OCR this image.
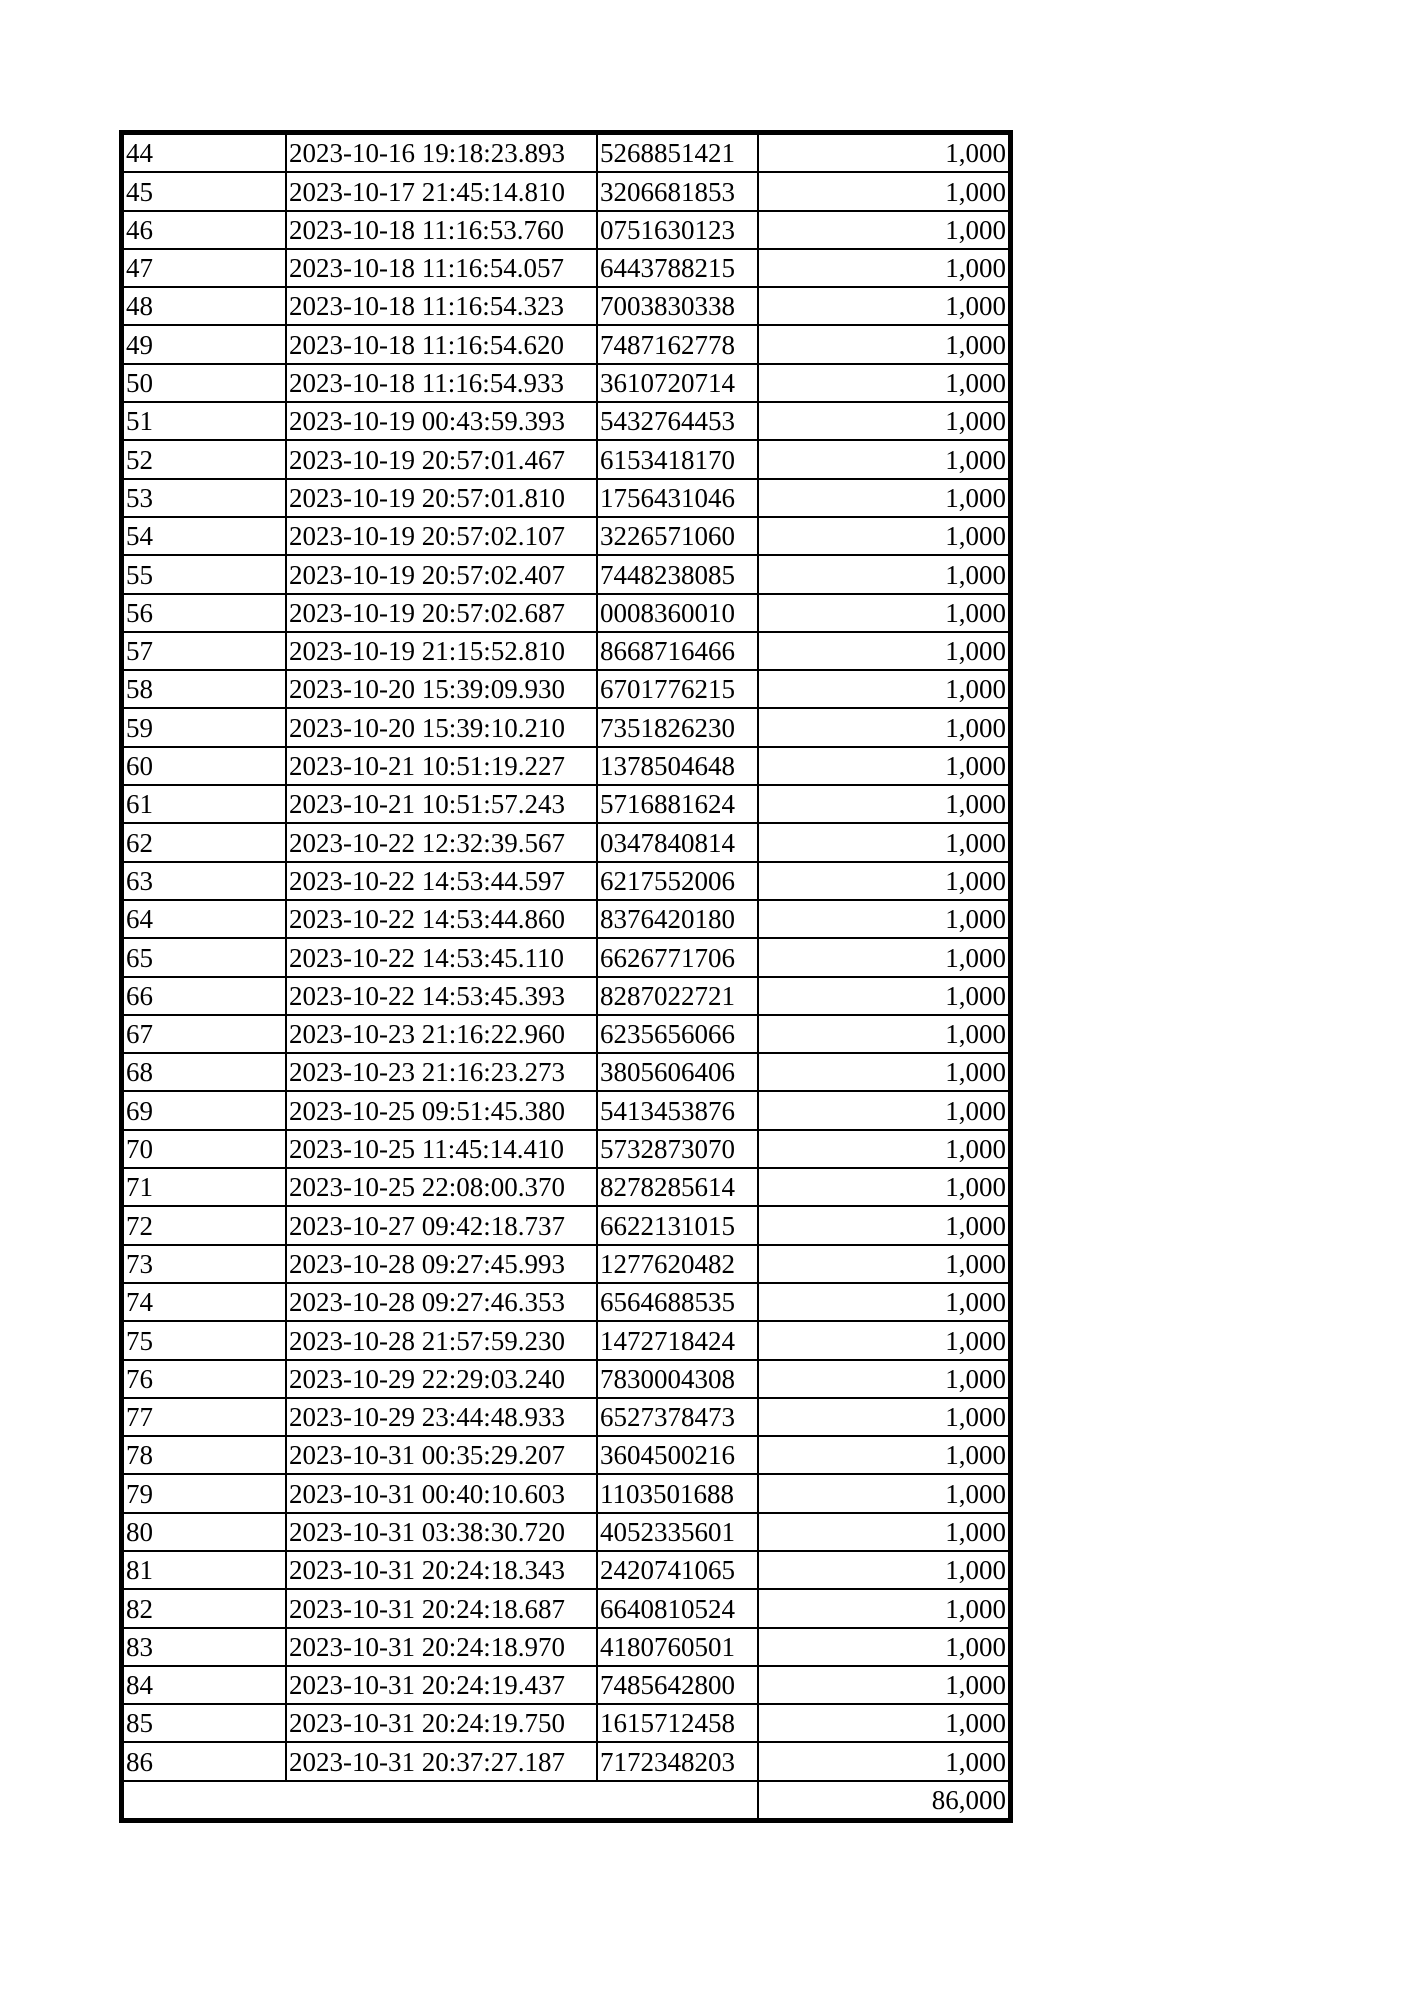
44	2023-10-16 19:18:23.893	5268851421	1,000
45	2023-10-17 21:45:14.810	3206681853	1,000
46	2023-10-18 11:16:53.760	0751630123	1,000
47	2023-10-18 11:16:54.057	6443788215	1,000
48	2023-10-18 11:16:54.323	7003830338	1,000
49	2023-10-18 11:16:54.620	7487162778	1,000
50	2023-10-18 11:16:54.933	3610720714	1,000
51	2023-10-19 00:43:59.393	5432764453	1,000
52	2023-10-19 20:57:01.467	6153418170	1,000
53	2023-10-19 20:57:01.810	1756431046	1,000
54	2023-10-19 20:57:02.107	3226571060	1,000
55	2023-10-19 20:57:02.407	7448238085	1,000
56	2023-10-19 20:57:02.687	0008360010	1,000
57	2023-10-19 21:15:52.810	8668716466	1,000
58	2023-10-20 15:39:09.930	6701776215	1,000
59	2023-10-20 15:39:10.210	7351826230	1,000
60	2023-10-21 10:51:19.227	1378504648	1,000
61	2023-10-21 10:51:57.243	5716881624	1,000
62	2023-10-22 12:32:39.567	0347840814	1,000
63	2023-10-22 14:53:44.597	6217552006	1,000
64	2023-10-22 14:53:44.860	8376420180	1,000
65	2023-10-22 14:53:45.110	6626771706	1,000
66	2023-10-22 14:53:45.393	8287022721	1,000
67	2023-10-23 21:16:22.960	6235656066	1,000
68	2023-10-23 21:16:23.273	3805606406	1,000
69	2023-10-25 09:51:45.380	5413453876	1,000
70	2023-10-25 11:45:14.410	5732873070	1,000
71	2023-10-25 22:08:00.370	8278285614	1,000
72	2023-10-27 09:42:18.737	6622131015	1,000
73	2023-10-28 09:27:45.993	1277620482	1,000
74	2023-10-28 09:27:46.353	6564688535	1,000
75	2023-10-28 21:57:59.230	1472718424	1,000
76	2023-10-29 22:29:03.240	7830004308	1,000
77	2023-10-29 23:44:48.933	6527378473	1,000
78	2023-10-31 00:35:29.207	3604500216	1,000
79	2023-10-31 00:40:10.603	1103501688	1,000
80	2023-10-31 03:38:30.720	4052335601	1,000
81	2023-10-31 20:24:18.343	2420741065	1,000
82	2023-10-31 20:24:18.687	6640810524	1,000
83	2023-10-31 20:24:18.970	4180760501	1,000
84	2023-10-31 20:24:19.437	7485642800	1,000
85	2023-10-31 20:24:19.750	1615712458	1,000
86	2023-10-31 20:37:27.187	7172348203	1,000
			86,000
